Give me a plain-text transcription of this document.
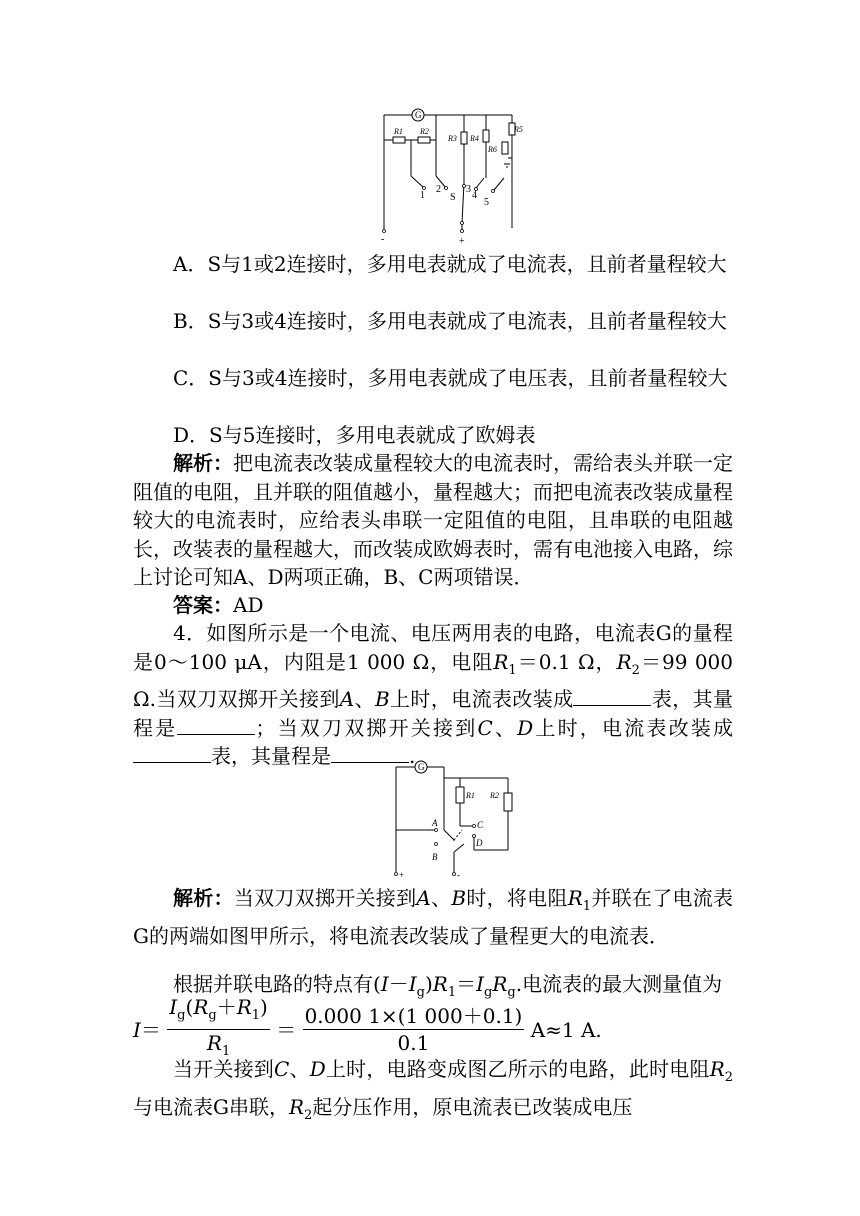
G
R1 R2
R3 R4
R5
R6
1
2	3
4
5
S
-	+

A．S与1或2连接时，多用电表就成了电流表，且前者量程较大

B．S与3或4连接时，多用电表就成了电流表，且前者量程较大

C．S与3或4连接时，多用电表就成了电压表，且前者量程较大

D．S与5连接时，多用电表就成了欧姆表

解析：把电流表改装成量程较大的电流表时，需给表头并联一定阻值的电阻，且并联的阻值越小，量程越大；而把电流表改装成量程较大的电流表时，应给表头串联一定阻值的电阻，且串联的电阻越长，改装表的量程越大，而改装成欧姆表时，需有电池接入电路，综上讨论可知A、D两项正确，B、C两项错误．

答案：AD

4．如图所示是一个电流、电压两用表的电路，电流表G的量程是0～100 μA，内阻是1 000 Ω，电阻$R_1=0.1$ Ω，$R_2=99$ 000 Ω.当双刀双掷开关接到A、B上时，电流表改装成	表，其量程是	；当双刀双掷开关接到C、D上时，电流表改装成表，其量程是	. G
R1 R2
A
B
C
D
+	-

解析：当双刀双掷开关接到A、B时，将电阻$R_1$并联在了电流表G的两端如图甲所示，将电流表改装成了量程更大的电流表．

根据并联电路的特点有$(I-I_g)R_1=I_gR_g$.电流表的最大测量值为

$I= \frac{I_g(R_g+R_1)}{R_1} = \frac{0.000 1\times(1 000+0.1)}{0.1} A\approx 1$ A.

当开关接到C、D上时，电路变成图乙所示的电路，此时电阻$R_2$与电流表G串联，$R_2$起分压作用，原电流表已改装成电压
